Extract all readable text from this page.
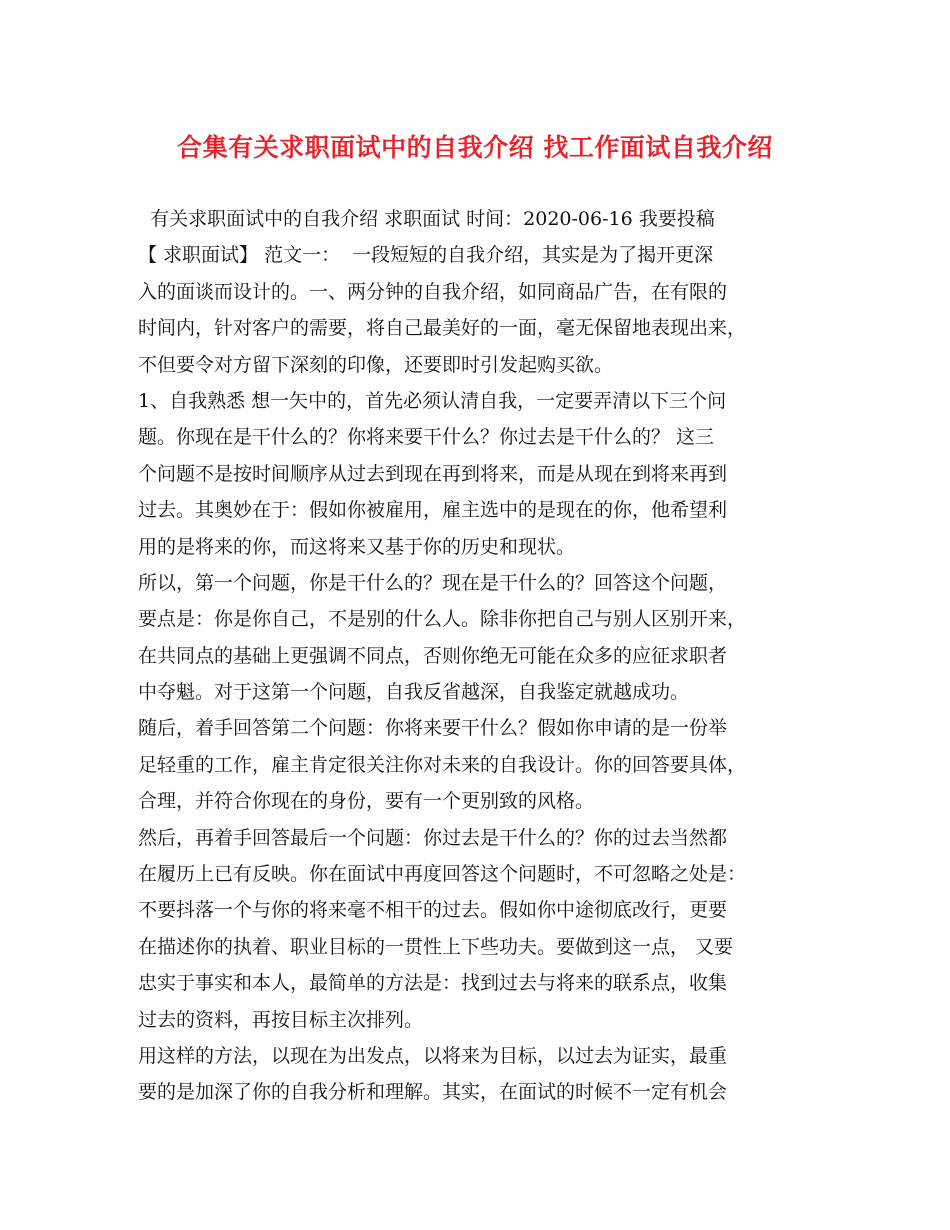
合集有关求职面试中的自我介绍 找工作面试自我介绍
有关求职面试中的自我介绍 求职面试 时间：2020-06-16 我要投稿
【 求职面试】 范文一：  一段短短的自我介绍，其实是为了揭开更深
入的面谈而设计的。一、两分钟的自我介绍，如同商品广告，在有限的
时间内，针对客户的需要，将自己最美好的一面，毫无保留地表现出来，
不但要令对方留下深刻的印像，还要即时引发起购买欲。
1、自我熟悉 想一矢中的，首先必须认清自我，一定要弄清以下三个问
题。你现在是干什么的？你将来要干什么？你过去是干什么的？ 这三
个问题不是按时间顺序从过去到现在再到将来，而是从现在到将来再到
过去。其奥妙在于：假如你被雇用，雇主选中的是现在的你，他希望利
用的是将来的你，而这将来又基于你的历史和现状。
所以，第一个问题，你是干什么的？现在是干什么的？回答这个问题，
要点是：你是你自己，不是别的什么人。除非你把自己与别人区别开来，
在共同点的基础上更强调不同点，否则你绝无可能在众多的应征求职者
中夺魁。对于这第一个问题，自我反省越深，自我鉴定就越成功。
随后，着手回答第二个问题：你将来要干什么？假如你申请的是一份举
足轻重的工作，雇主肯定很关注你对未来的自我设计。你的回答要具体，
合理，并符合你现在的身份，要有一个更别致的风格。
然后，再着手回答最后一个问题：你过去是干什么的？你的过去当然都
在履历上已有反映。你在面试中再度回答这个问题时，不可忽略之处是：
不要抖落一个与你的将来毫不相干的过去。假如你中途彻底改行，更要
在描述你的执着、职业目标的一贯性上下些功夫。要做到这一点， 又要
忠实于事实和本人，最简单的方法是：找到过去与将来的联系点，收集
过去的资料，再按目标主次排列。
用这样的方法，以现在为出发点，以将来为目标，以过去为证实，最重
要的是加深了你的自我分析和理解。其实，在面试的时候不一定有机会
